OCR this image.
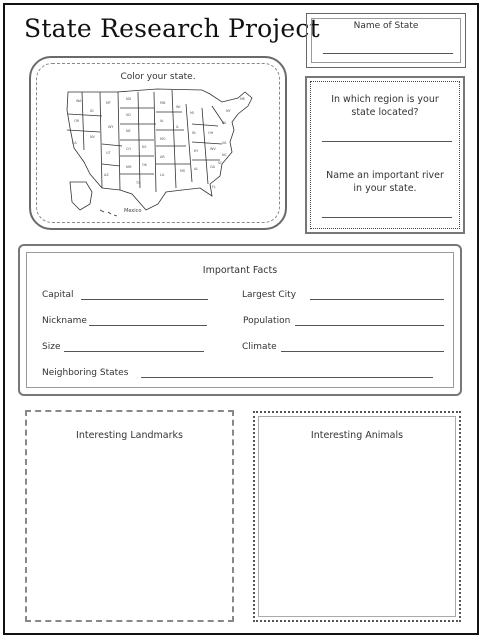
State Research Project	Name of State
Color your state.
WA
OR
CA
ID
NV
MT
WY
UT
AZ
ND
SD
NE
CO
NM
KS
OK
TX
MN
IA
MO
AR
LA
WI
IL
MS
MI
IN
KY
AL
OH
WV
GA
FL
PA
NY
VA
NC
SC
ME
Mexico
In which region is your
state located?
Name an important river
in your state.
Important Facts
Capital	Largest City
Nickname	Population
Size	Climate
Neighboring States
Interesting Landmarks	Interesting Animals
